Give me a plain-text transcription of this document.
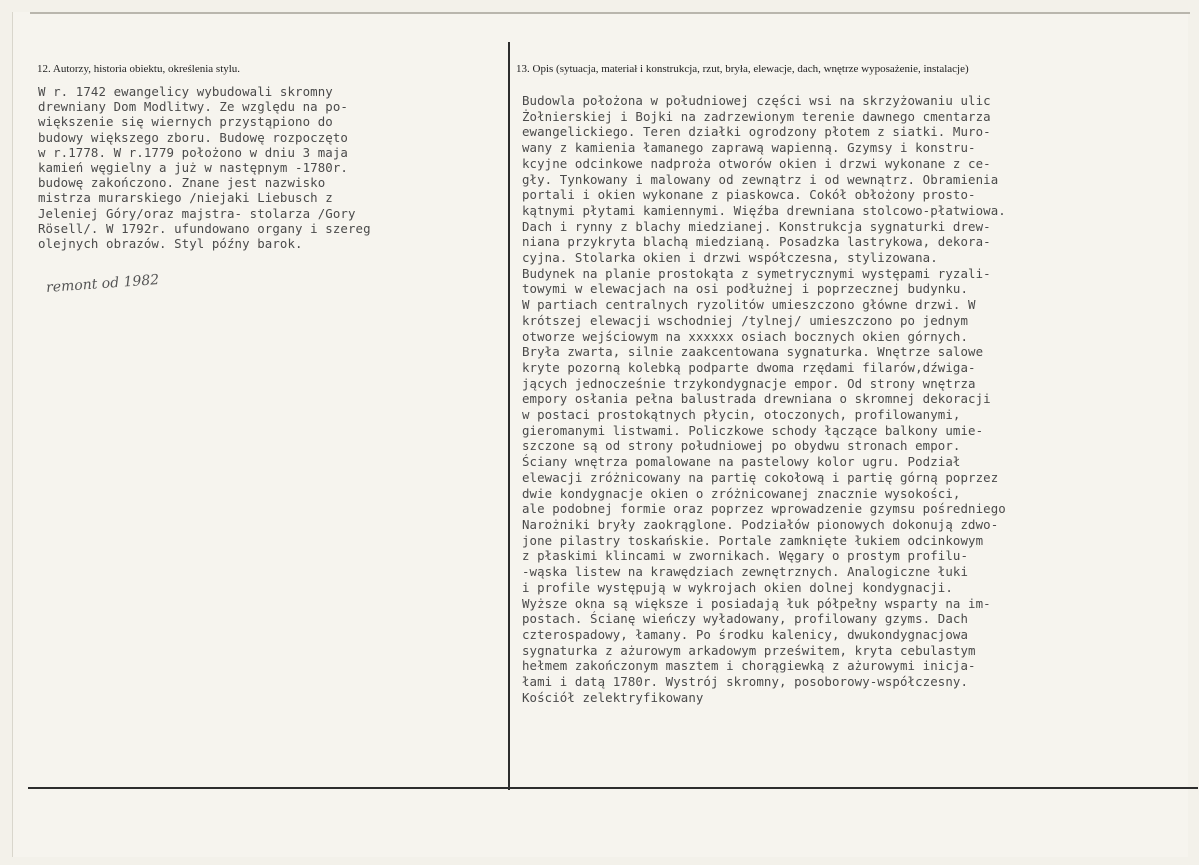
12. Autorzy, historia obiektu, określenia stylu.	13. Opis (sytuacja, materiał i konstrukcja, rzut, bryła, elewacje, dach, wnętrze wyposażenie, instalacje)
W r. 1742 ewangelicy wybudowali skromny
drewniany Dom Modlitwy. Ze względu na po-
większenie się wiernych przystąpiono do
budowy większego zboru. Budowę rozpoczęto
w r.1778. W r.1779 położono w dniu 3 maja
kamień węgielny a już w następnym -1780r.
budowę zakończono. Znane jest nazwisko
mistrza murarskiego /niejaki Liebusch z
Jeleniej Góry/oraz majstra- stolarza /Gory
Rösell/. W 1792r. ufundowano organy i szereg
olejnych obrazów. Styl późny barok.
remont od 1982
Budowla położona w południowej części wsi na skrzyżowaniu ulic
Żołnierskiej i Bojki na zadrzewionym terenie dawnego cmentarza
ewangelickiego. Teren działki ogrodzony płotem z siatki. Muro-
wany z kamienia łamanego zaprawą wapienną. Gzymsy i konstru-
kcyjne odcinkowe nadproża otworów okien i drzwi wykonane z ce-
gły. Tynkowany i malowany od zewnątrz i od wewnątrz. Obramienia
portali i okien wykonane z piaskowca. Cokół obłożony prosto-
kątnymi płytami kamiennymi. Więźba drewniana stolcowo-płatwiowa.
Dach i rynny z blachy miedzianej. Konstrukcja sygnaturki drew-
niana przykryta blachą miedzianą. Posadzka lastrykowa, dekora-
cyjna. Stolarka okien i drzwi współczesna, stylizowana.
Budynek na planie prostokąta z symetrycznymi występami ryzali-
towymi w elewacjach na osi podłużnej i poprzecznej budynku.
W partiach centralnych ryzolitów umieszczono główne drzwi. W
krótszej elewacji wschodniej /tylnej/ umieszczono po jednym
otworze wejściowym na xxxxxx osiach bocznych okien górnych.
Bryła zwarta, silnie zaakcentowana sygnaturka. Wnętrze salowe
kryte pozorną kolebką podparte dwoma rzędami filarów,dźwiga-
jących jednocześnie trzykondygnacje empor. Od strony wnętrza
empory osłania pełna balustrada drewniana o skromnej dekoracji
w postaci prostokątnych płycin, otoczonych, profilowanymi,
gieromanymi listwami. Policzkowe schody łączące balkony umie-
szczone są od strony południowej po obydwu stronach empor.
Ściany wnętrza pomalowane na pastelowy kolor ugru. Podział
elewacji zróżnicowany na partię cokołową i partię górną poprzez
dwie kondygnacje okien o zróżnicowanej znacznie wysokości,
ale podobnej formie oraz poprzez wprowadzenie gzymsu pośredniego
Narożniki bryły zaokrąglone. Podziałów pionowych dokonują zdwo-
jone pilastry toskańskie. Portale zamknięte łukiem odcinkowym
z płaskimi klincami w zwornikach. Węgary o prostym profilu-
-wąska listew na krawędziach zewnętrznych. Analogiczne łuki
i profile występują w wykrojach okien dolnej kondygnacji.
Wyższe okna są większe i posiadają łuk półpełny wsparty na im-
postach. Ścianę wieńczy wyładowany, profilowany gzyms. Dach
czterospadowy, łamany. Po środku kalenicy, dwukondygnacjowa
sygnaturka z ażurowym arkadowym prześwitem, kryta cebulastym
hełmem zakończonym masztem i chorągiewką z ażurowymi inicja-
łami i datą 1780r. Wystrój skromny, posoborowy-współczesny.
Kościół zelektryfikowany
